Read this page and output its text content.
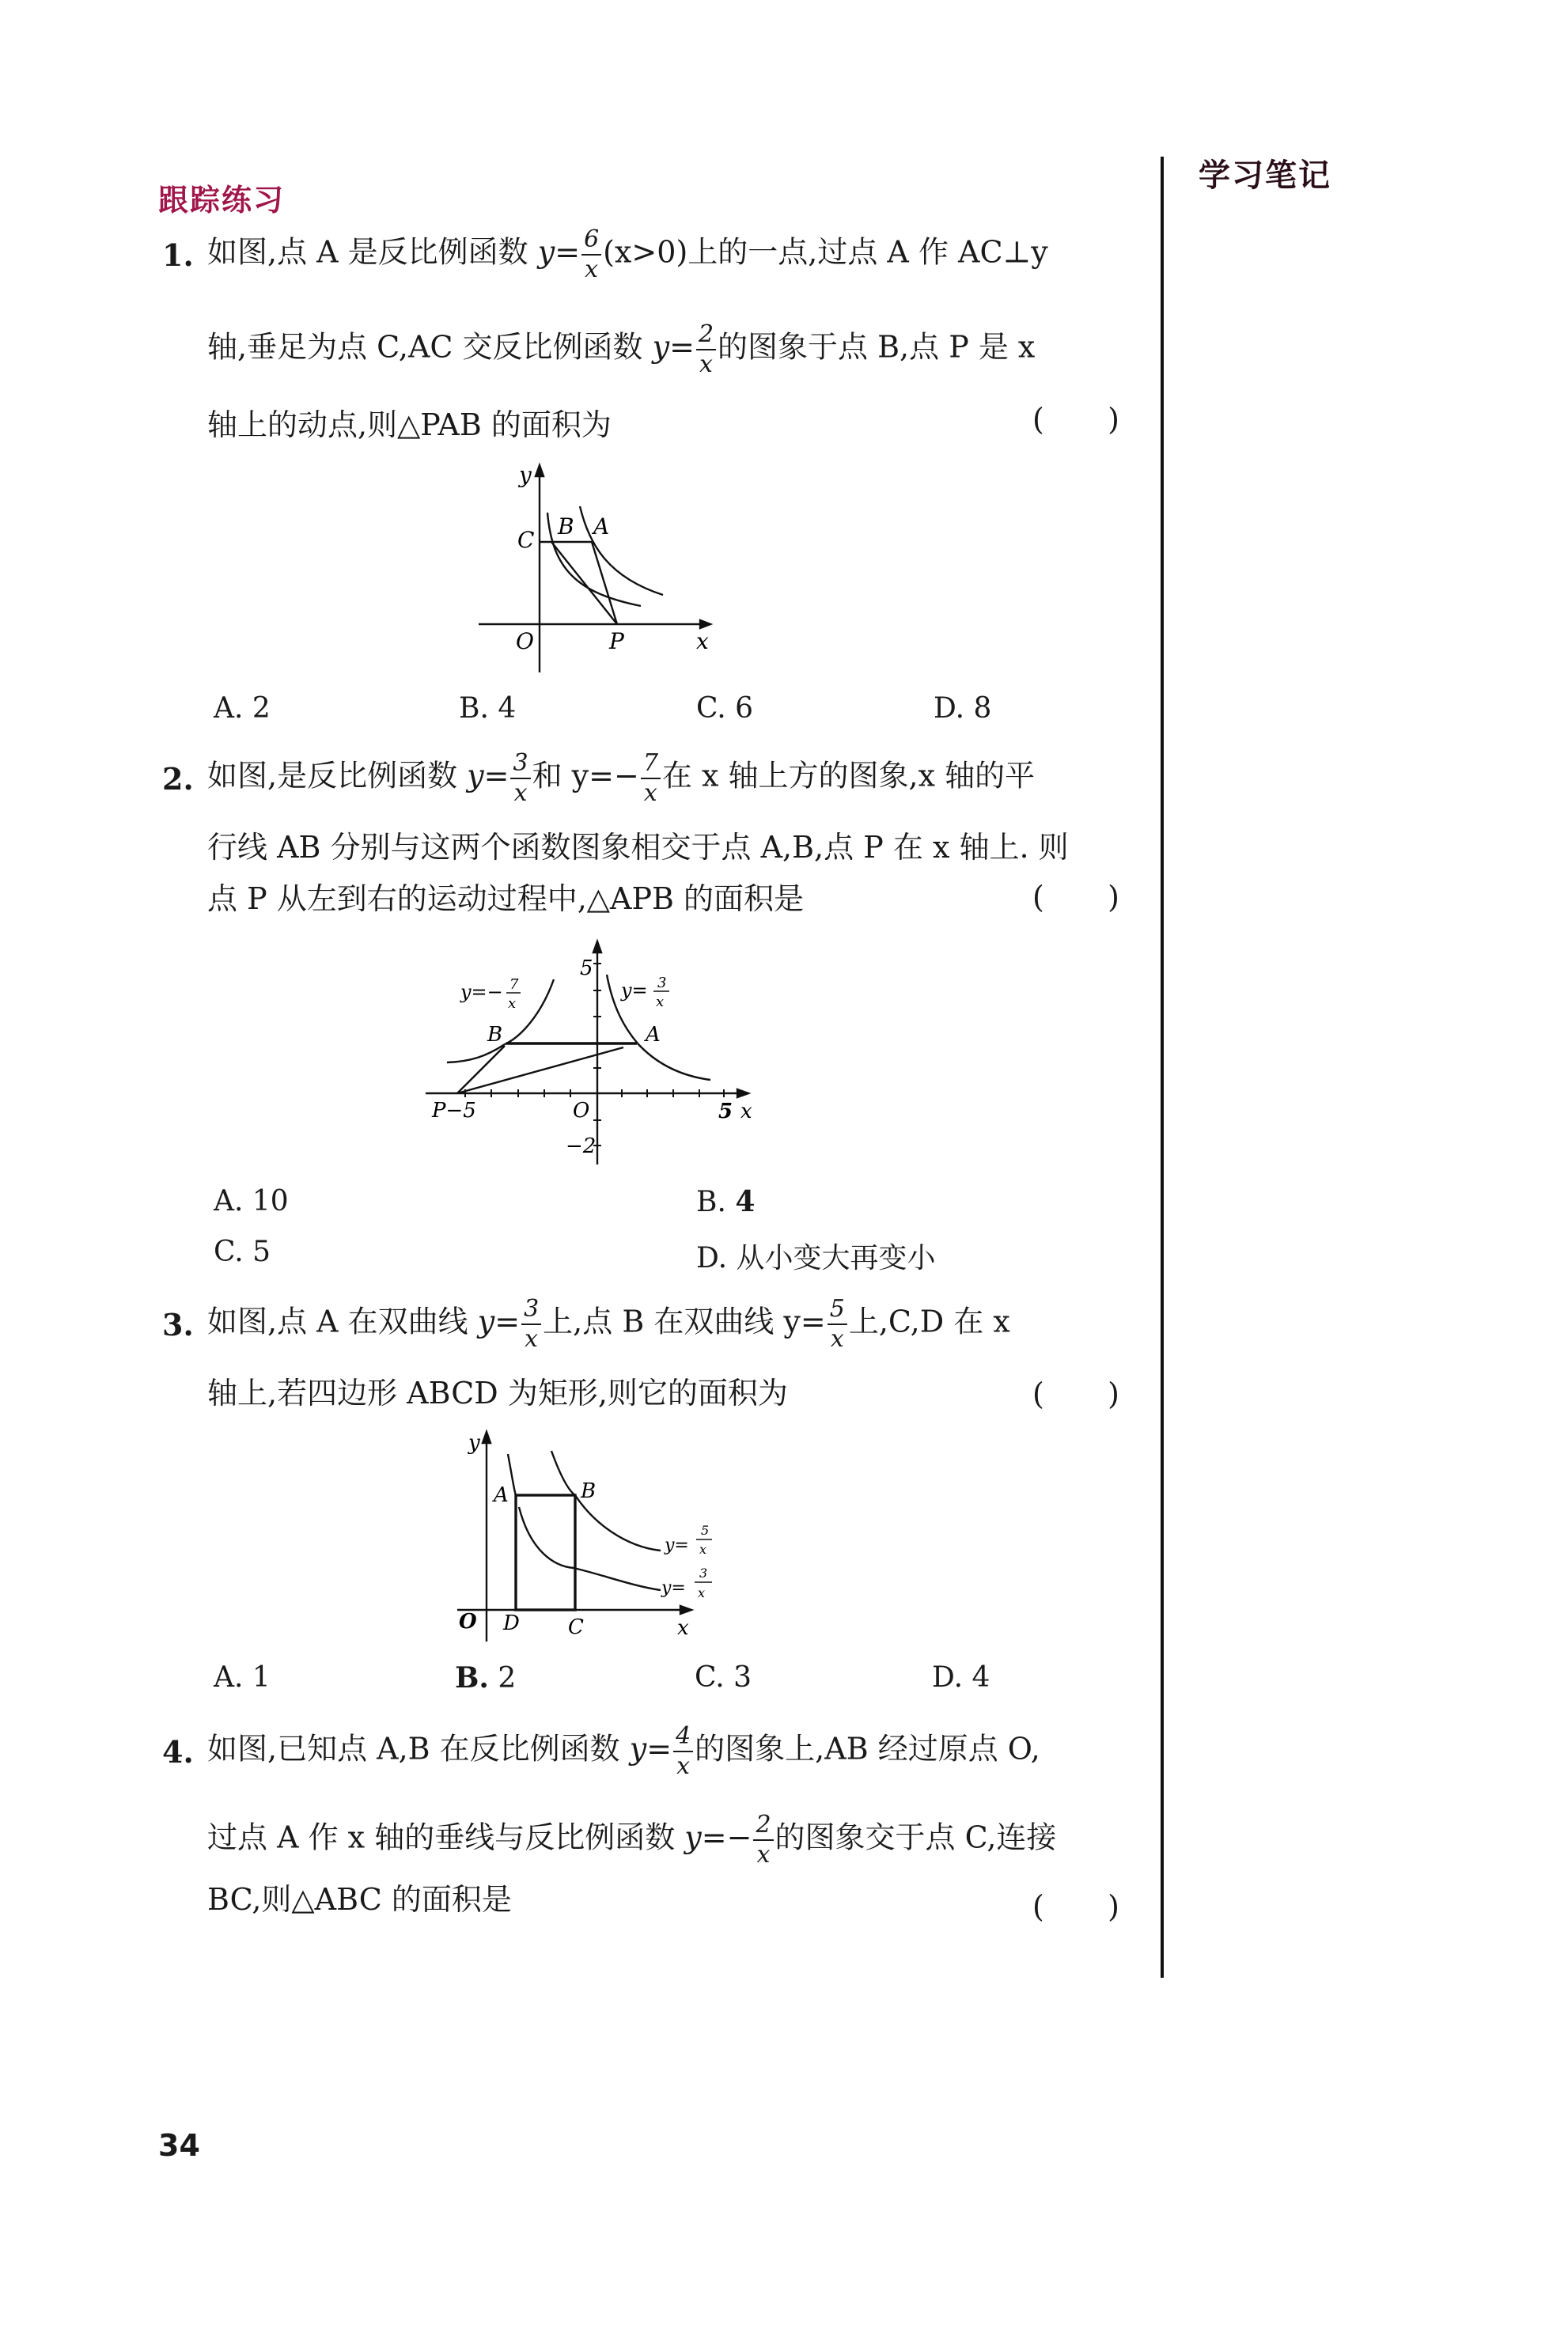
跟踪练习
学习笔记
1. 如图,点 A 是反比例函数 $y= \frac{6}{x} (x>0)$上的一点,过点 A 作 AC⊥y
轴,垂足为点 C,AC 交反比例函数 $y= \frac{2}{x}$ 的图象于点 B,点 P 是 x
轴上的动点,则△PAB 的面积为	( )
y
x
O
C
B A
P
A. 2	B. 4	C. 6	D. 8
2. 如图,是反比例函数 $y= \frac{3}{x}$ 和 $y=- \frac{7}{x}$ 在 x 轴上方的图象,x 轴的平
行线 AB 分别与这两个函数图象相交于点 A,B,点 P 在 x 轴上. 则
点 P 从左到右的运动过程中,△APB 的面积是	( )
y=− 7
x
y= 3
x
5
−2
P−5	5 x
O
B	A
A. 10	B. 4
C. 5	D. 从小变大再变小
3. 如图,点 A 在双曲线 $y= \frac{3}{x}$ 上,点 B 在双曲线 $y= \frac{5}{x}$ 上,C,D 在 x
轴上,若四边形 ABCD 为矩形,则它的面积为	( )
y
x
O
A	B
C
D
y=
5
x
y=
3
x
A. 1	B. 2	C. 3	D. 4
4. 如图,已知点 A,B 在反比例函数 $y= \frac{4}{x}$ 的图象上,AB 经过原点 O,
过点 A 作 x 轴的垂线与反比例函数 $y=- \frac{2}{x}$ 的图象交于点 C,连接
BC,则△ABC 的面积是	( )
34
